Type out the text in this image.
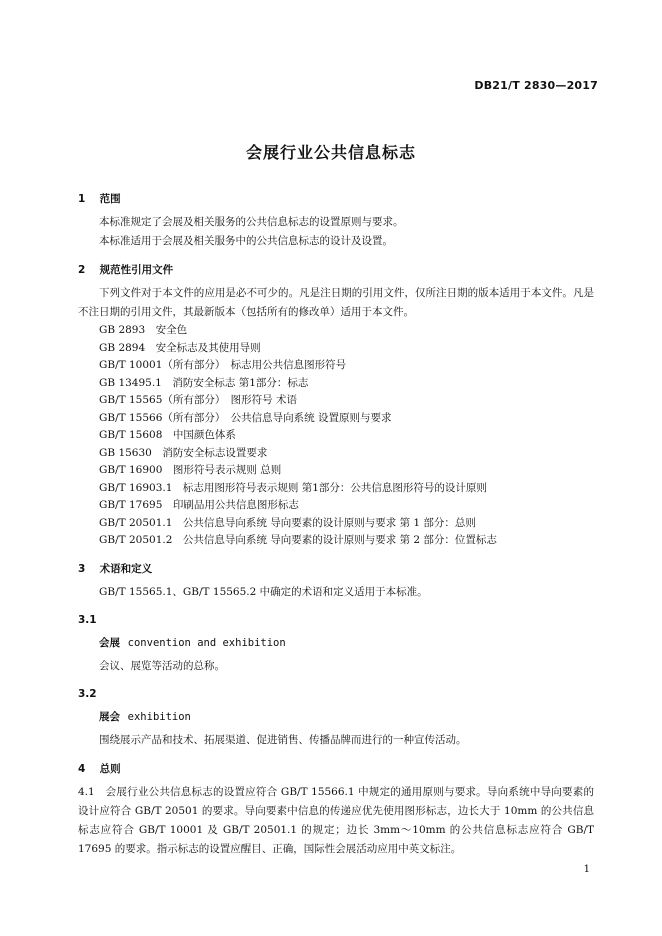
DB21/T 2830—2017
会展行业公共信息标志
1 范围
本标准规定了会展及相关服务的公共信息标志的设置原则与要求。
本标准适用于会展及相关服务中的公共信息标志的设计及设置。
2 规范性引用文件
下列文件对于本文件的应用是必不可少的。凡是注日期的引用文件，仅所注日期的版本适用于本文件。凡是不注日期的引用文件，其最新版本（包括所有的修改单）适用于本文件。
GB 2893　安全色
GB 2894　安全标志及其使用导则
GB/T 10001（所有部分）　标志用公共信息图形符号
GB 13495.1　消防安全标志 第1部分：标志
GB/T 15565（所有部分）　图形符号 术语
GB/T 15566（所有部分）　公共信息导向系统 设置原则与要求
GB/T 15608　中国颜色体系
GB 15630　消防安全标志设置要求
GB/T 16900　图形符号表示规则 总则
GB/T 16903.1　标志用图形符号表示规则 第1部分：公共信息图形符号的设计原则
GB/T 17695　印刷品用公共信息图形标志
GB/T 20501.1　公共信息导向系统 导向要素的设计原则与要求 第 1 部分：总则
GB/T 20501.2　公共信息导向系统 导向要素的设计原则与要求 第 2 部分：位置标志
3 术语和定义
GB/T 15565.1、GB/T 15565.2 中确定的术语和定义适用于本标准。
3.1
会展 convention and exhibition
会议、展览等活动的总称。
3.2
展会 exhibition
围绕展示产品和技术、拓展渠道、促进销售、传播品牌而进行的一种宣传活动。
4 总则
4.1　会展行业公共信息标志的设置应符合 GB/T 15566.1 中规定的通用原则与要求。导向系统中导向要素的设计应符合 GB/T 20501 的要求。导向要素中信息的传递应优先使用图形标志，边长大于 10mm 的公共信息标志应符合 GB/T 10001 及 GB/T 20501.1 的规定；边长 3mm～10mm 的公共信息标志应符合 GB/T 17695 的要求。指示标志的设置应醒目、正确，国际性会展活动应用中英文标注。
1
